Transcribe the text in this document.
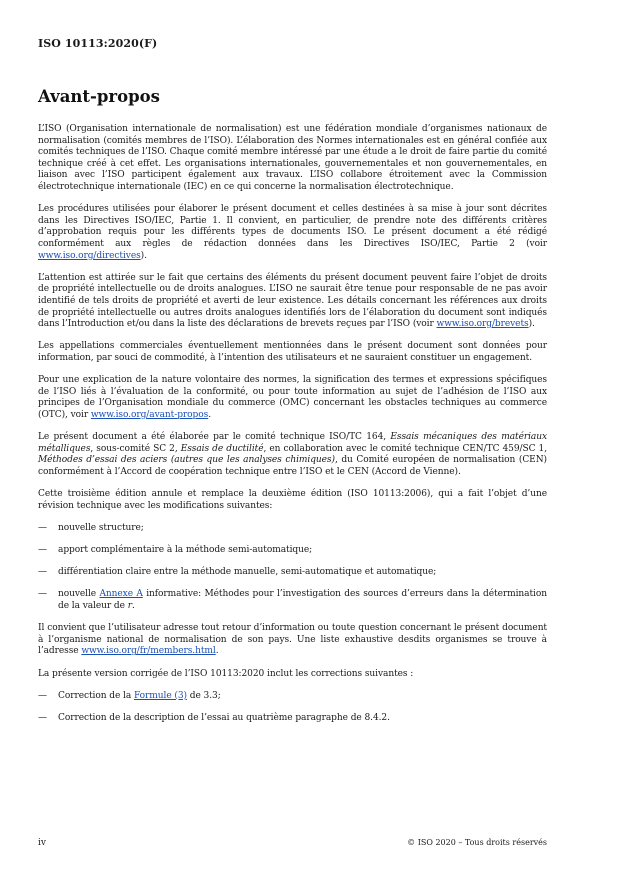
ISO 10113:2020(F)
Avant-propos

L’ISO (Organisation internationale de normalisation) est une fédération mondiale d’organismes nationaux de normalisation (comités membres de l’ISO). L’élaboration des Normes internationales est en général confiée aux comités techniques de l’ISO. Chaque comité membre intéressé par une étude a le droit de faire partie du comité technique créé à cet effet. Les organisations internationales, gouvernementales et non gouvernementales, en liaison avec l’ISO participent également aux travaux. L’ISO collabore étroitement avec la Commission électrotechnique internationale (IEC) en ce qui concerne la normalisation électrotechnique.

Les procédures utilisées pour élaborer le présent document et celles destinées à sa mise à jour sont décrites dans les Directives ISO/IEC, Partie 1. Il convient, en particulier, de prendre note des différents critères d’approbation requis pour les différents types de documents ISO. Le présent document a été rédigé conformément aux règles de rédaction données dans les Directives ISO/IEC, Partie 2 (voir www.iso.org/directives).

L’attention est attirée sur le fait que certains des éléments du présent document peuvent faire l’objet de droits de propriété intellectuelle ou de droits analogues. L’ISO ne saurait être tenue pour responsable de ne pas avoir identifié de tels droits de propriété et averti de leur existence. Les détails concernant les références aux droits de propriété intellectuelle ou autres droits analogues identifiés lors de l’élaboration du document sont indiqués dans l’Introduction et/ou dans la liste des déclarations de brevets reçues par l’ISO (voir www.iso.org/brevets).

Les appellations commerciales éventuellement mentionnées dans le présent document sont données pour information, par souci de commodité, à l’intention des utilisateurs et ne sauraient constituer un engagement.

Pour une explication de la nature volontaire des normes, la signification des termes et expressions spécifiques de l’ISO liés à l’évaluation de la conformité, ou pour toute information au sujet de l’adhésion de l’ISO aux principes de l’Organisation mondiale du commerce (OMC) concernant les obstacles techniques au commerce (OTC), voir www.iso.org/avant-propos.

Le présent document a été élaborée par le comité technique ISO/TC 164, Essais mécaniques des matériaux métalliques, sous-comité SC 2, Essais de ductilité, en collaboration avec le comité technique CEN/TC 459/SC 1, Méthodes d’essai des aciers (autres que les analyses chimiques), du Comité européen de normalisation (CEN) conformément à l’Accord de coopération technique entre l’ISO et le CEN (Accord de Vienne).

Cette troisième édition annule et remplace la deuxième édition (ISO 10113:2006), qui a fait l’objet d’une révision technique avec les modifications suivantes:

—	nouvelle structure;
—	apport complémentaire à la méthode semi-automatique;
—	différentiation claire entre la méthode manuelle, semi-automatique et automatique;
—	nouvelle Annexe A informative: Méthodes pour l’investigation des sources d’erreurs dans la détermination de la valeur de r.

Il convient que l’utilisateur adresse tout retour d’information ou toute question concernant le présent document à l’organisme national de normalisation de son pays. Une liste exhaustive desdits organismes se trouve à l’adresse www.iso.org/fr/members.html.

La présente version corrigée de l’ISO 10113:2020 inclut les corrections suivantes :

—	Correction de la Formule (3) de 3.3;
—	Correction de la description de l’essai au quatrième paragraphe de 8.4.2.
iv	© ISO 2020 – Tous droits réservés
